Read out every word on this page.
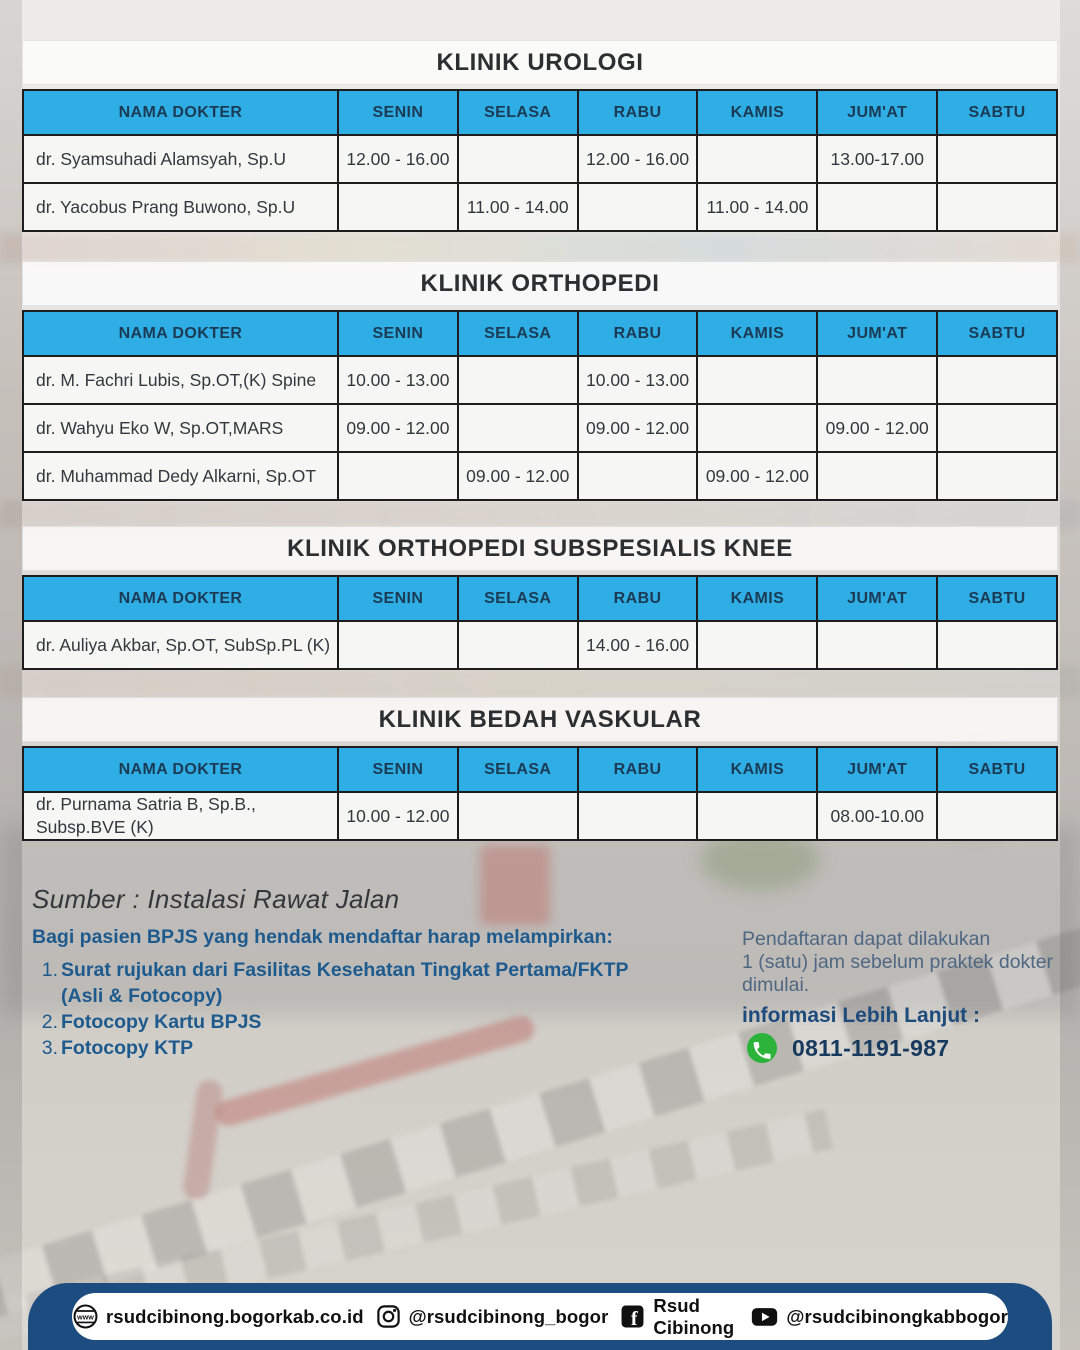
KLINIK UROLOGI
NAMA DOKTER	SENIN	SELASA	RABU	KAMIS	JUM'AT	SABTU
dr. Syamsuhadi Alamsyah, Sp.U	12.00 - 16.00		12.00 - 16.00		13.00-17.00	
dr. Yacobus Prang Buwono, Sp.U		11.00 - 14.00		11.00 - 14.00		
KLINIK ORTHOPEDI
NAMA DOKTER	SENIN	SELASA	RABU	KAMIS	JUM'AT	SABTU
dr. M. Fachri Lubis, Sp.OT,(K) Spine	10.00 - 13.00		10.00 - 13.00			
dr. Wahyu Eko W, Sp.OT,MARS	09.00 - 12.00		09.00 - 12.00		09.00 - 12.00	
dr. Muhammad Dedy Alkarni, Sp.OT		09.00 - 12.00		09.00 - 12.00		
KLINIK ORTHOPEDI SUBSPESIALIS KNEE
NAMA DOKTER	SENIN	SELASA	RABU	KAMIS	JUM'AT	SABTU
dr. Auliya Akbar, Sp.OT, SubSp.PL (K)			14.00 - 16.00			
KLINIK BEDAH VASKULAR
NAMA DOKTER	SENIN	SELASA	RABU	KAMIS	JUM'AT	SABTU
dr. Purnama Satria B, Sp.B., Subsp.BVE (K)	10.00 - 12.00				08.00-10.00	
Sumber : Instalasi Rawat Jalan
Bagi pasien BPJS yang hendak mendaftar harap melampirkan:
1. Surat rujukan dari Fasilitas Kesehatan Tingkat Pertama/FKTP (Asli & Fotocopy)
2. Fotocopy Kartu BPJS
3. Fotocopy KTP
Pendaftaran dapat dilakukan
1 (satu) jam sebelum praktek dokter
dimulai.
informasi Lebih Lanjut :
0811-1191-987
www rsudcibinong.bogorkab.co.id @rsudcibinong_bogor f
Rsud Cibinong
@rsudcibinongkabbogor
